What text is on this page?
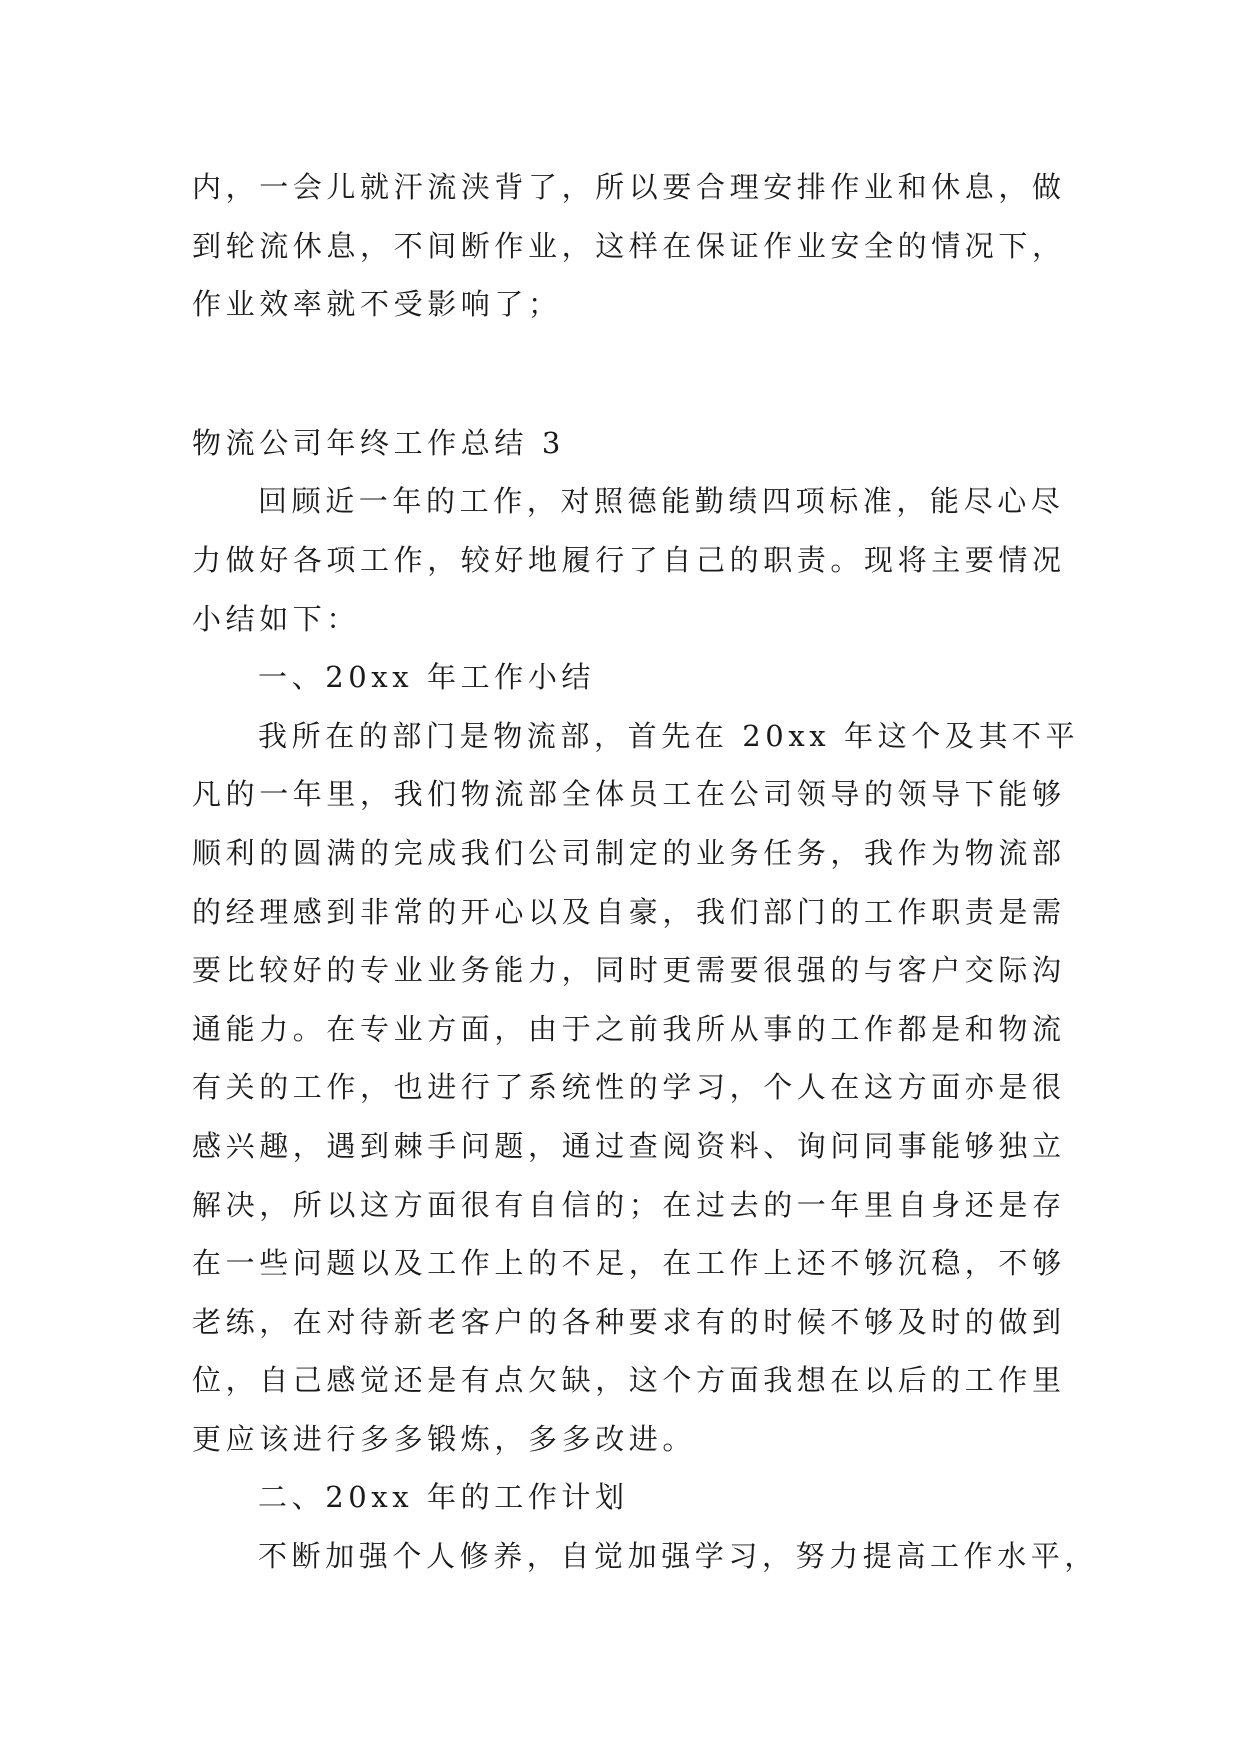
内，一会儿就汗流浃背了，所以要合理安排作业和休息，做
到轮流休息，不间断作业，这样在保证作业安全的情况下，
作业效率就不受影响了；
物流公司年终工作总结 3
回顾近一年的工作，对照德能勤绩四项标准，能尽心尽
力做好各项工作，较好地履行了自己的职责。现将主要情况
小结如下：
一、20xx 年工作小结
我所在的部门是物流部，首先在 20xx 年这个及其不平
凡的一年里，我们物流部全体员工在公司领导的领导下能够
顺利的圆满的完成我们公司制定的业务任务，我作为物流部
的经理感到非常的开心以及自豪，我们部门的工作职责是需
要比较好的专业业务能力，同时更需要很强的与客户交际沟
通能力。在专业方面，由于之前我所从事的工作都是和物流
有关的工作，也进行了系统性的学习，个人在这方面亦是很
感兴趣，遇到棘手问题，通过查阅资料、询问同事能够独立
解决，所以这方面很有自信的；在过去的一年里自身还是存
在一些问题以及工作上的不足，在工作上还不够沉稳，不够
老练，在对待新老客户的各种要求有的时候不够及时的做到
位，自己感觉还是有点欠缺，这个方面我想在以后的工作里
更应该进行多多锻炼，多多改进。
二、20xx 年的工作计划
不断加强个人修养，自觉加强学习，努力提高工作水平，
